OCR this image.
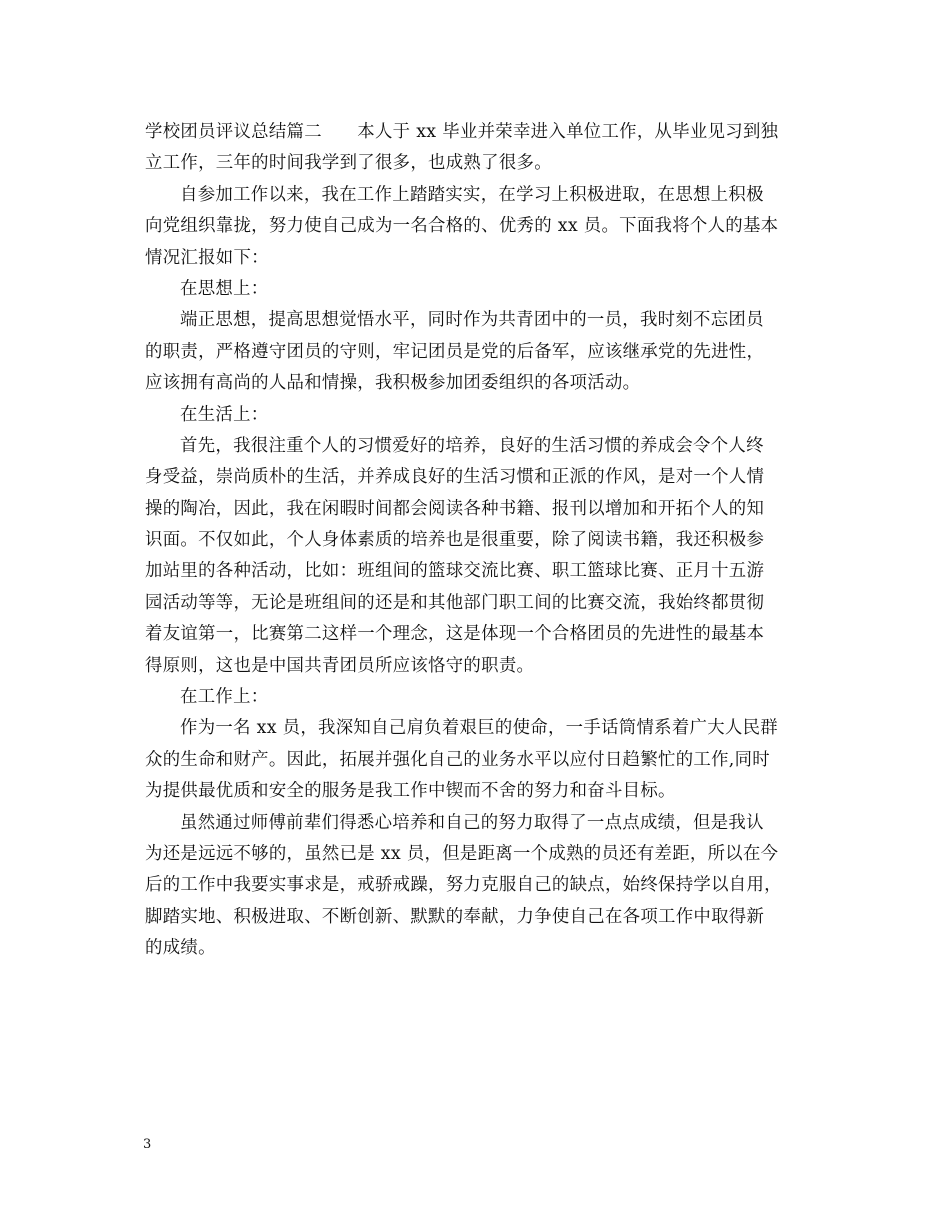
学校团员评议总结篇二　　本人于 xx 毕业并荣幸进入单位工作，从毕业见习到独
立工作，三年的时间我学到了很多，也成熟了很多。
自参加工作以来，我在工作上踏踏实实，在学习上积极进取，在思想上积极
向党组织靠拢，努力使自己成为一名合格的、优秀的 xx 员。下面我将个人的基本
情况汇报如下：
在思想上：
端正思想，提高思想觉悟水平，同时作为共青团中的一员，我时刻不忘团员
的职责，严格遵守团员的守则，牢记团员是党的后备军，应该继承党的先进性，
应该拥有高尚的人品和情操，我积极参加团委组织的各项活动。
在生活上：
首先，我很注重个人的习惯爱好的培养，良好的生活习惯的养成会令个人终
身受益，崇尚质朴的生活，并养成良好的生活习惯和正派的作风，是对一个人情
操的陶冶，因此，我在闲暇时间都会阅读各种书籍、报刊以增加和开拓个人的知
识面。不仅如此，个人身体素质的培养也是很重要，除了阅读书籍，我还积极参
加站里的各种活动，比如：班组间的篮球交流比赛、职工篮球比赛、正月十五游
园活动等等，无论是班组间的还是和其他部门职工间的比赛交流，我始终都贯彻
着友谊第一，比赛第二这样一个理念，这是体现一个合格团员的先进性的最基本
得原则，这也是中国共青团员所应该恪守的职责。
在工作上：
作为一名 xx 员，我深知自己肩负着艰巨的使命，一手话筒情系着广大人民群
众的生命和财产。因此，拓展并强化自己的业务水平以应付日趋繁忙的工作,同时
为提供最优质和安全的服务是我工作中锲而不舍的努力和奋斗目标。
虽然通过师傅前辈们得悉心培养和自己的努力取得了一点点成绩，但是我认
为还是远远不够的，虽然已是 xx 员，但是距离一个成熟的员还有差距，所以在今
后的工作中我要实事求是，戒骄戒躁，努力克服自己的缺点，始终保持学以自用，
脚踏实地、积极进取、不断创新、默默的奉献，力争使自己在各项工作中取得新
的成绩。
3
